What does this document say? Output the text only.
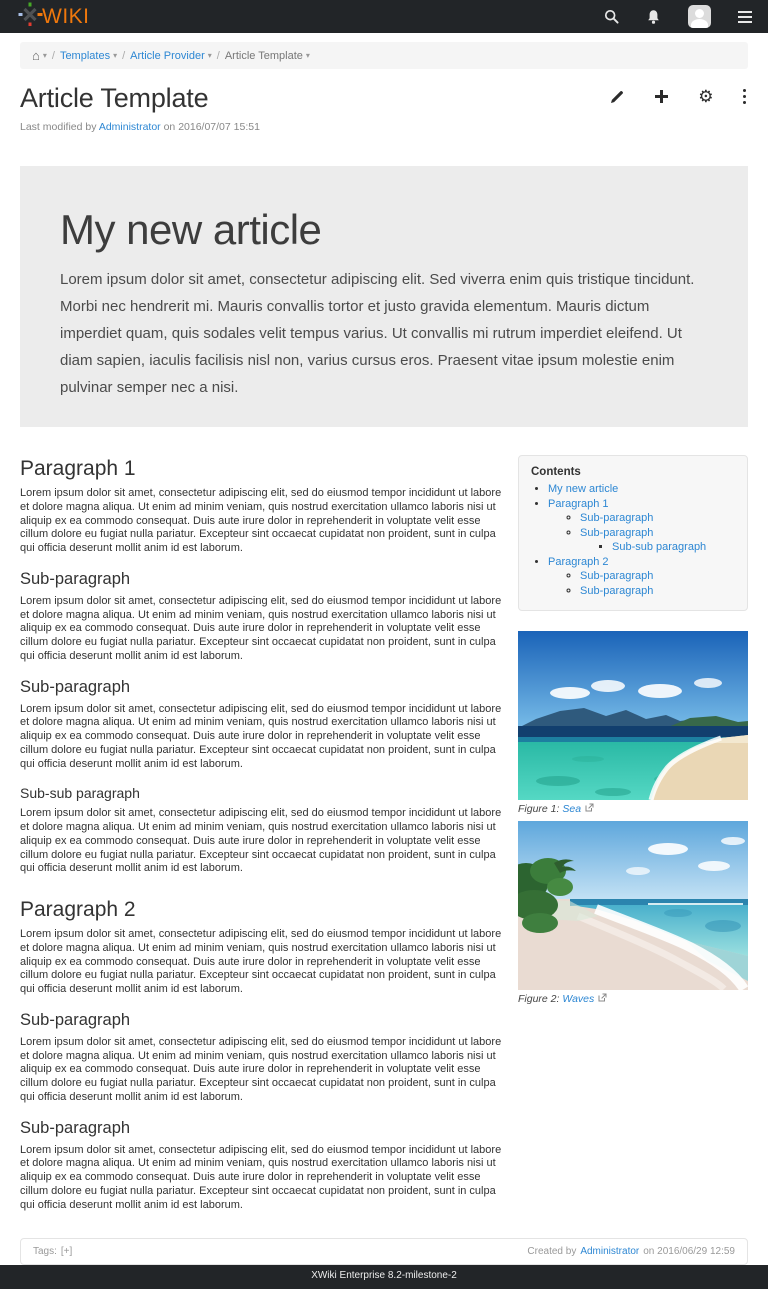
WIKI
⌂ ▾ / Templates ▾ / Article Provider ▾ / Article Template ▾
Article Template	⚙
Last modified by Administrator on 2016/07/07 15:51
My new article

Lorem ipsum dolor sit amet, consectetur adipiscing elit. Sed viverra enim quis tristique tincidunt. Morbi nec hendrerit mi. Mauris convallis tortor et justo gravida elementum. Mauris dictum imperdiet quam, quis sodales velit tempus varius. Ut convallis mi rutrum imperdiet eleifend. Ut diam sapien, iaculis facilisis nisl non, varius cursus eros. Praesent vitae ipsum molestie enim pulvinar semper nec a nisi.

Paragraph 1

Lorem ipsum dolor sit amet, consectetur adipiscing elit, sed do eiusmod tempor incididunt ut labore et dolore magna aliqua. Ut enim ad minim veniam, quis nostrud exercitation ullamco laboris nisi ut aliquip ex ea commodo consequat. Duis aute irure dolor in reprehenderit in voluptate velit esse cillum dolore eu fugiat nulla pariatur. Excepteur sint occaecat cupidatat non proident, sunt in culpa qui officia deserunt mollit anim id est laborum.

Sub-paragraph

Lorem ipsum dolor sit amet, consectetur adipiscing elit, sed do eiusmod tempor incididunt ut labore et dolore magna aliqua. Ut enim ad minim veniam, quis nostrud exercitation ullamco laboris nisi ut aliquip ex ea commodo consequat. Duis aute irure dolor in reprehenderit in voluptate velit esse cillum dolore eu fugiat nulla pariatur. Excepteur sint occaecat cupidatat non proident, sunt in culpa qui officia deserunt mollit anim id est laborum.

Sub-paragraph

Lorem ipsum dolor sit amet, consectetur adipiscing elit, sed do eiusmod tempor incididunt ut labore et dolore magna aliqua. Ut enim ad minim veniam, quis nostrud exercitation ullamco laboris nisi ut aliquip ex ea commodo consequat. Duis aute irure dolor in reprehenderit in voluptate velit esse cillum dolore eu fugiat nulla pariatur. Excepteur sint occaecat cupidatat non proident, sunt in culpa qui officia deserunt mollit anim id est laborum.

Sub-sub paragraph

Lorem ipsum dolor sit amet, consectetur adipiscing elit, sed do eiusmod tempor incididunt ut labore et dolore magna aliqua. Ut enim ad minim veniam, quis nostrud exercitation ullamco laboris nisi ut aliquip ex ea commodo consequat. Duis aute irure dolor in reprehenderit in voluptate velit esse cillum dolore eu fugiat nulla pariatur. Excepteur sint occaecat cupidatat non proident, sunt in culpa qui officia deserunt mollit anim id est laborum.

Paragraph 2

Lorem ipsum dolor sit amet, consectetur adipiscing elit, sed do eiusmod tempor incididunt ut labore et dolore magna aliqua. Ut enim ad minim veniam, quis nostrud exercitation ullamco laboris nisi ut aliquip ex ea commodo consequat. Duis aute irure dolor in reprehenderit in voluptate velit esse cillum dolore eu fugiat nulla pariatur. Excepteur sint occaecat cupidatat non proident, sunt in culpa qui officia deserunt mollit anim id est laborum.

Sub-paragraph

Lorem ipsum dolor sit amet, consectetur adipiscing elit, sed do eiusmod tempor incididunt ut labore et dolore magna aliqua. Ut enim ad minim veniam, quis nostrud exercitation ullamco laboris nisi ut aliquip ex ea commodo consequat. Duis aute irure dolor in reprehenderit in voluptate velit esse cillum dolore eu fugiat nulla pariatur. Excepteur sint occaecat cupidatat non proident, sunt in culpa qui officia deserunt mollit anim id est laborum.

Sub-paragraph

Lorem ipsum dolor sit amet, consectetur adipiscing elit, sed do eiusmod tempor incididunt ut labore et dolore magna aliqua. Ut enim ad minim veniam, quis nostrud exercitation ullamco laboris nisi ut aliquip ex ea commodo consequat. Duis aute irure dolor in reprehenderit in voluptate velit esse cillum dolore eu fugiat nulla pariatur. Excepteur sint occaecat cupidatat non proident, sunt in culpa qui officia deserunt mollit anim id est laborum.

Contents

• My new article
• Paragraph 1
◦ Sub-paragraph
◦ Sub-paragraph
▪ Sub-sub paragraph
• Paragraph 2
◦ Sub-paragraph
◦ Sub-paragraph
Figure 1: Sea
Figure 2: Waves
Tags: [+]	Created by Administrator on 2016/06/29 12:59
XWiki Enterprise 8.2-milestone-2
